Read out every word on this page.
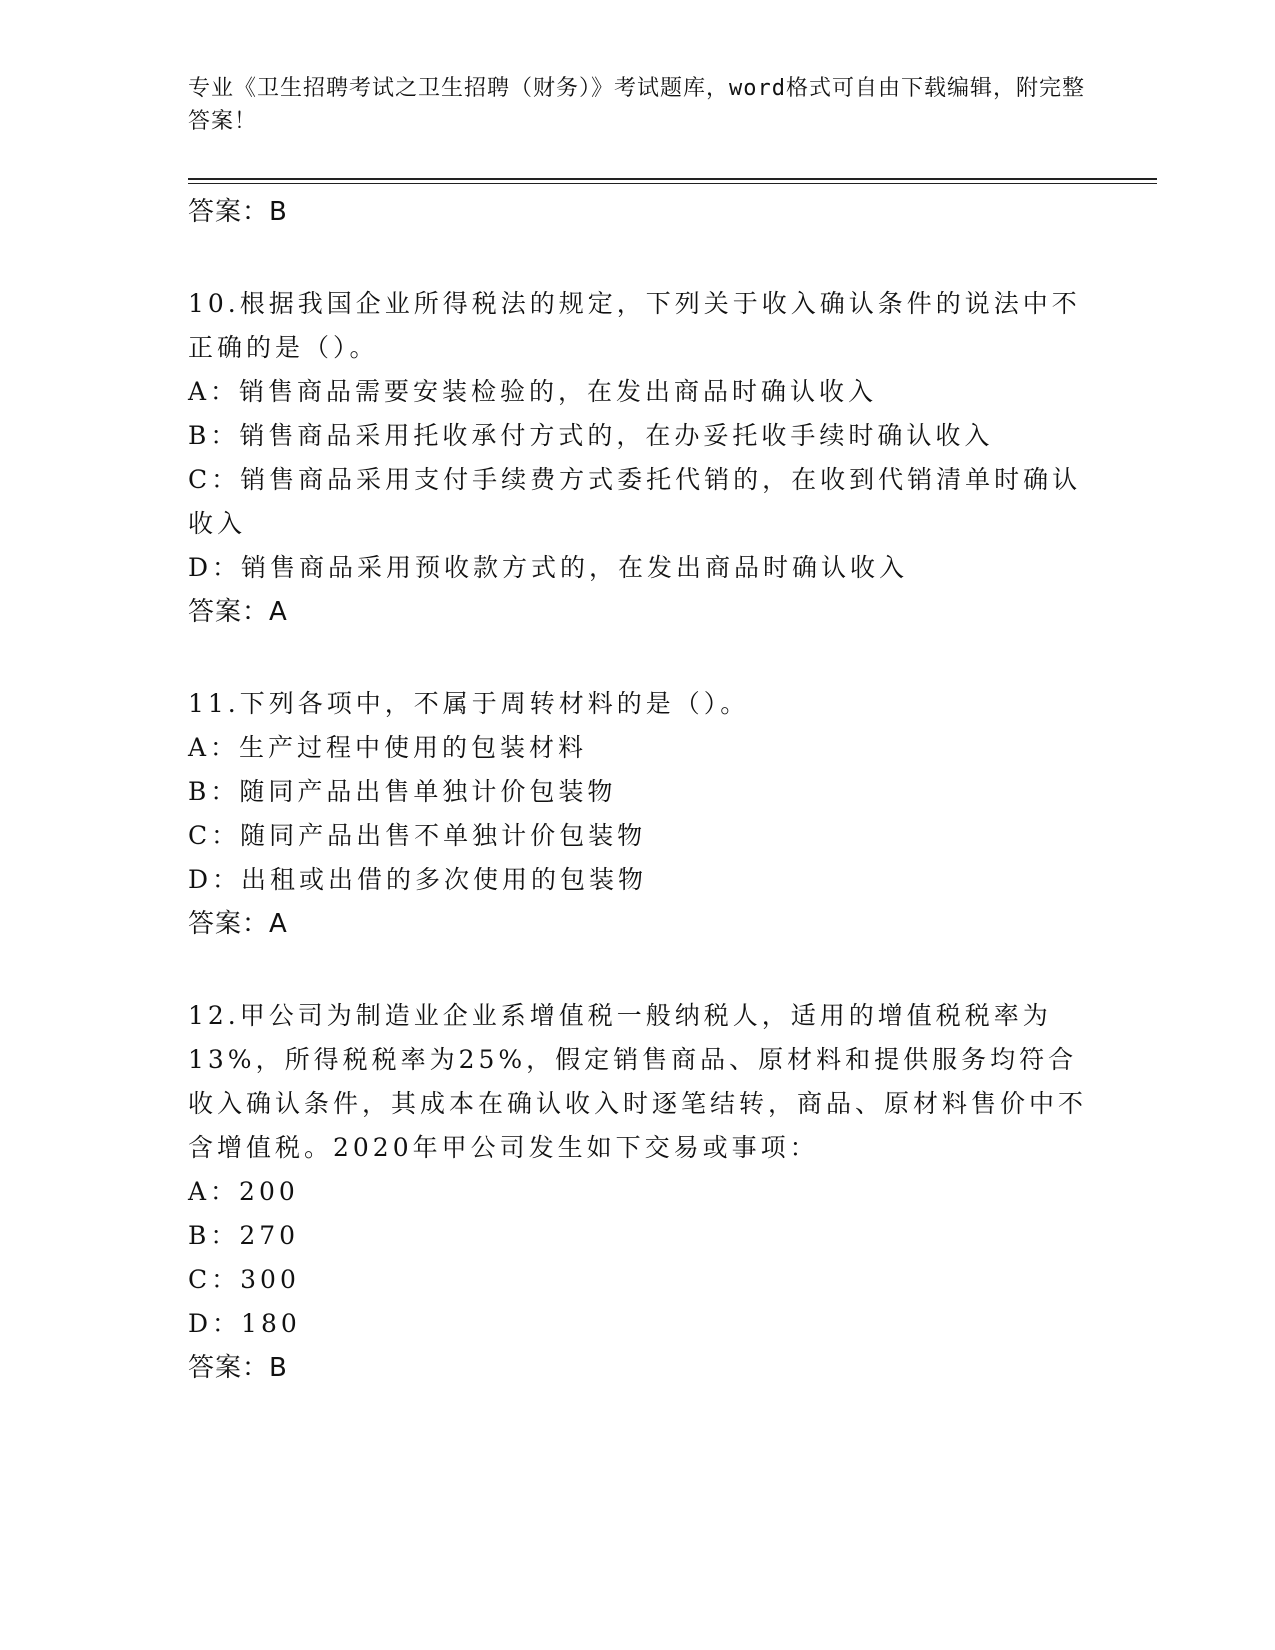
专业《卫生招聘考试之卫生招聘（财务）》考试题库，word格式可自由下载编辑，附完整答案！
答案：B
10.根据我国企业所得税法的规定，下列关于收入确认条件的说法中不正确的是（）。
A：销售商品需要安装检验的，在发出商品时确认收入
B：销售商品采用托收承付方式的，在办妥托收手续时确认收入
C：销售商品采用支付手续费方式委托代销的，在收到代销清单时确认收入
D：销售商品采用预收款方式的，在发出商品时确认收入
答案：A
11.下列各项中，不属于周转材料的是（）。
A：生产过程中使用的包装材料
B：随同产品出售单独计价包装物
C：随同产品出售不单独计价包装物
D：出租或出借的多次使用的包装物
答案：A
12.甲公司为制造业企业系增值税一般纳税人，适用的增值税税率为13%，所得税税率为25%，假定销售商品、原材料和提供服务均符合收入确认条件，其成本在确认收入时逐笔结转，商品、原材料售价中不含增值税。2020年甲公司发生如下交易或事项：
A：200
B：270
C：300
D：180
答案：B
